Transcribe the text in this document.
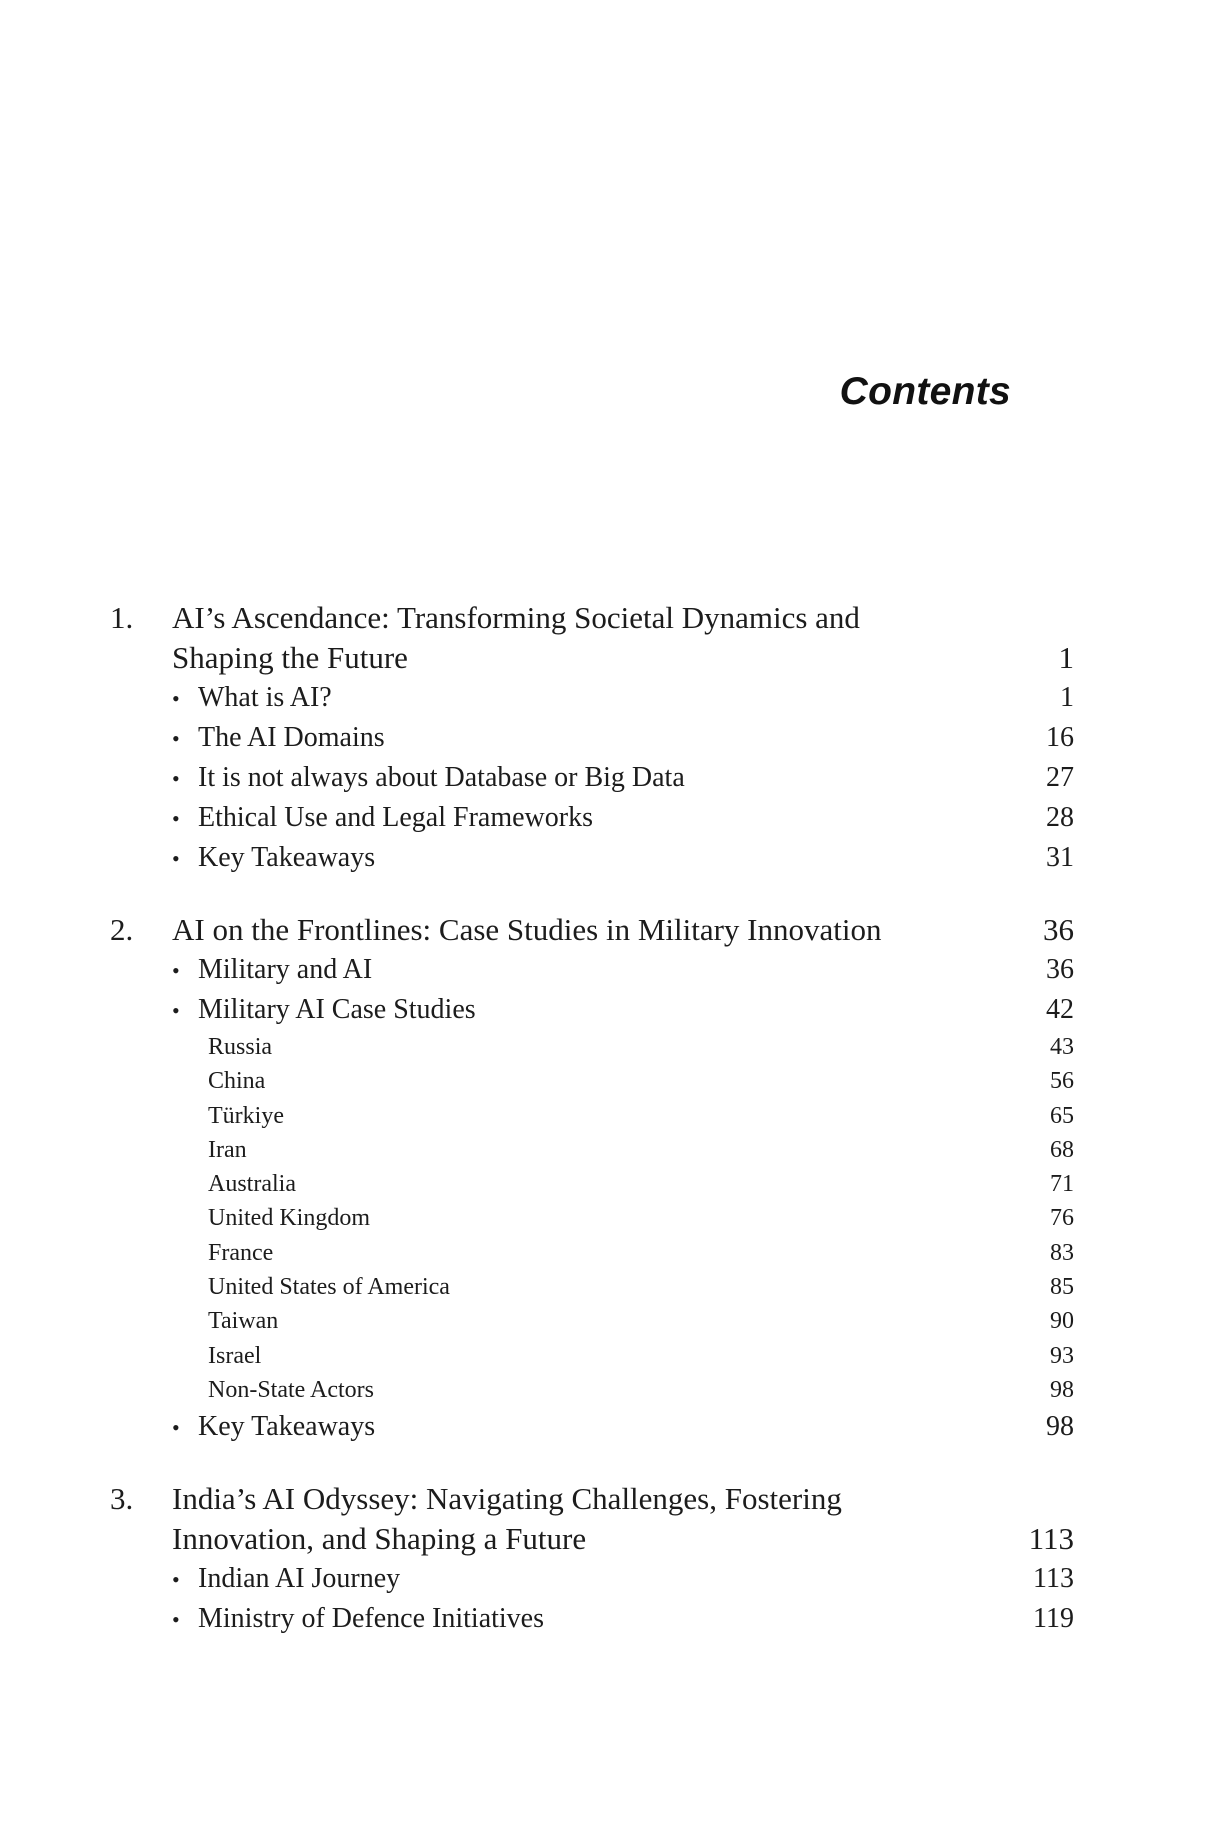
Contents
1.	AI’s Ascendance: Transforming Societal Dynamics and
Shaping the Future	1
• What is AI?	1
• The AI Domains	16
• It is not always about Database or Big Data	27
• Ethical Use and Legal Frameworks	28
• Key Takeaways	31
2.	AI on the Frontlines: Case Studies in Military Innovation	36
• Military and AI	36
• Military AI Case Studies	42
Russia	43
China	56
Türkiye	65
Iran	68
Australia	71
United Kingdom	76
France	83
United States of America	85
Taiwan	90
Israel	93
Non-State Actors	98
• Key Takeaways	98
3.	India’s AI Odyssey: Navigating Challenges, Fostering
Innovation, and Shaping a Future	113
• Indian AI Journey	113
• Ministry of Defence Initiatives	119
